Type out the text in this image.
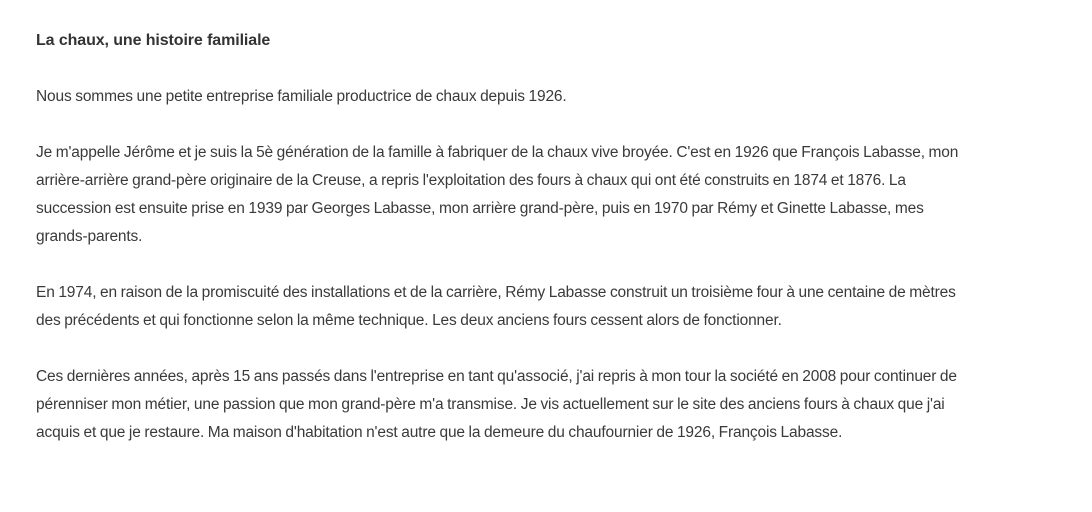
La chaux, une histoire familiale

Nous sommes une petite entreprise familiale productrice de chaux depuis 1926.

Je m'appelle Jérôme et je suis la 5è génération de la famille à fabriquer de la chaux vive broyée. C'est en 1926 que François Labasse, mon arrière-arrière grand-père originaire de la Creuse, a repris l'exploitation des fours à chaux qui ont été construits en 1874 et 1876. La succession est ensuite prise en 1939 par Georges Labasse, mon arrière grand-père, puis en 1970 par Rémy et Ginette Labasse, mes grands-parents.

En 1974, en raison de la promiscuité des installations et de la carrière, Rémy Labasse construit un troisième four à une centaine de mètres des précédents et qui fonctionne selon la même technique. Les deux anciens fours cessent alors de fonctionner.

Ces dernières années, après 15 ans passés dans l'entreprise en tant qu'associé, j'ai repris à mon tour la société en 2008 pour continuer de pérenniser mon métier, une passion que mon grand-père m'a transmise. Je vis actuellement sur le site des anciens fours à chaux que j'ai acquis et que je restaure. Ma maison d'habitation n'est autre que la demeure du chaufournier de 1926, François Labasse.
